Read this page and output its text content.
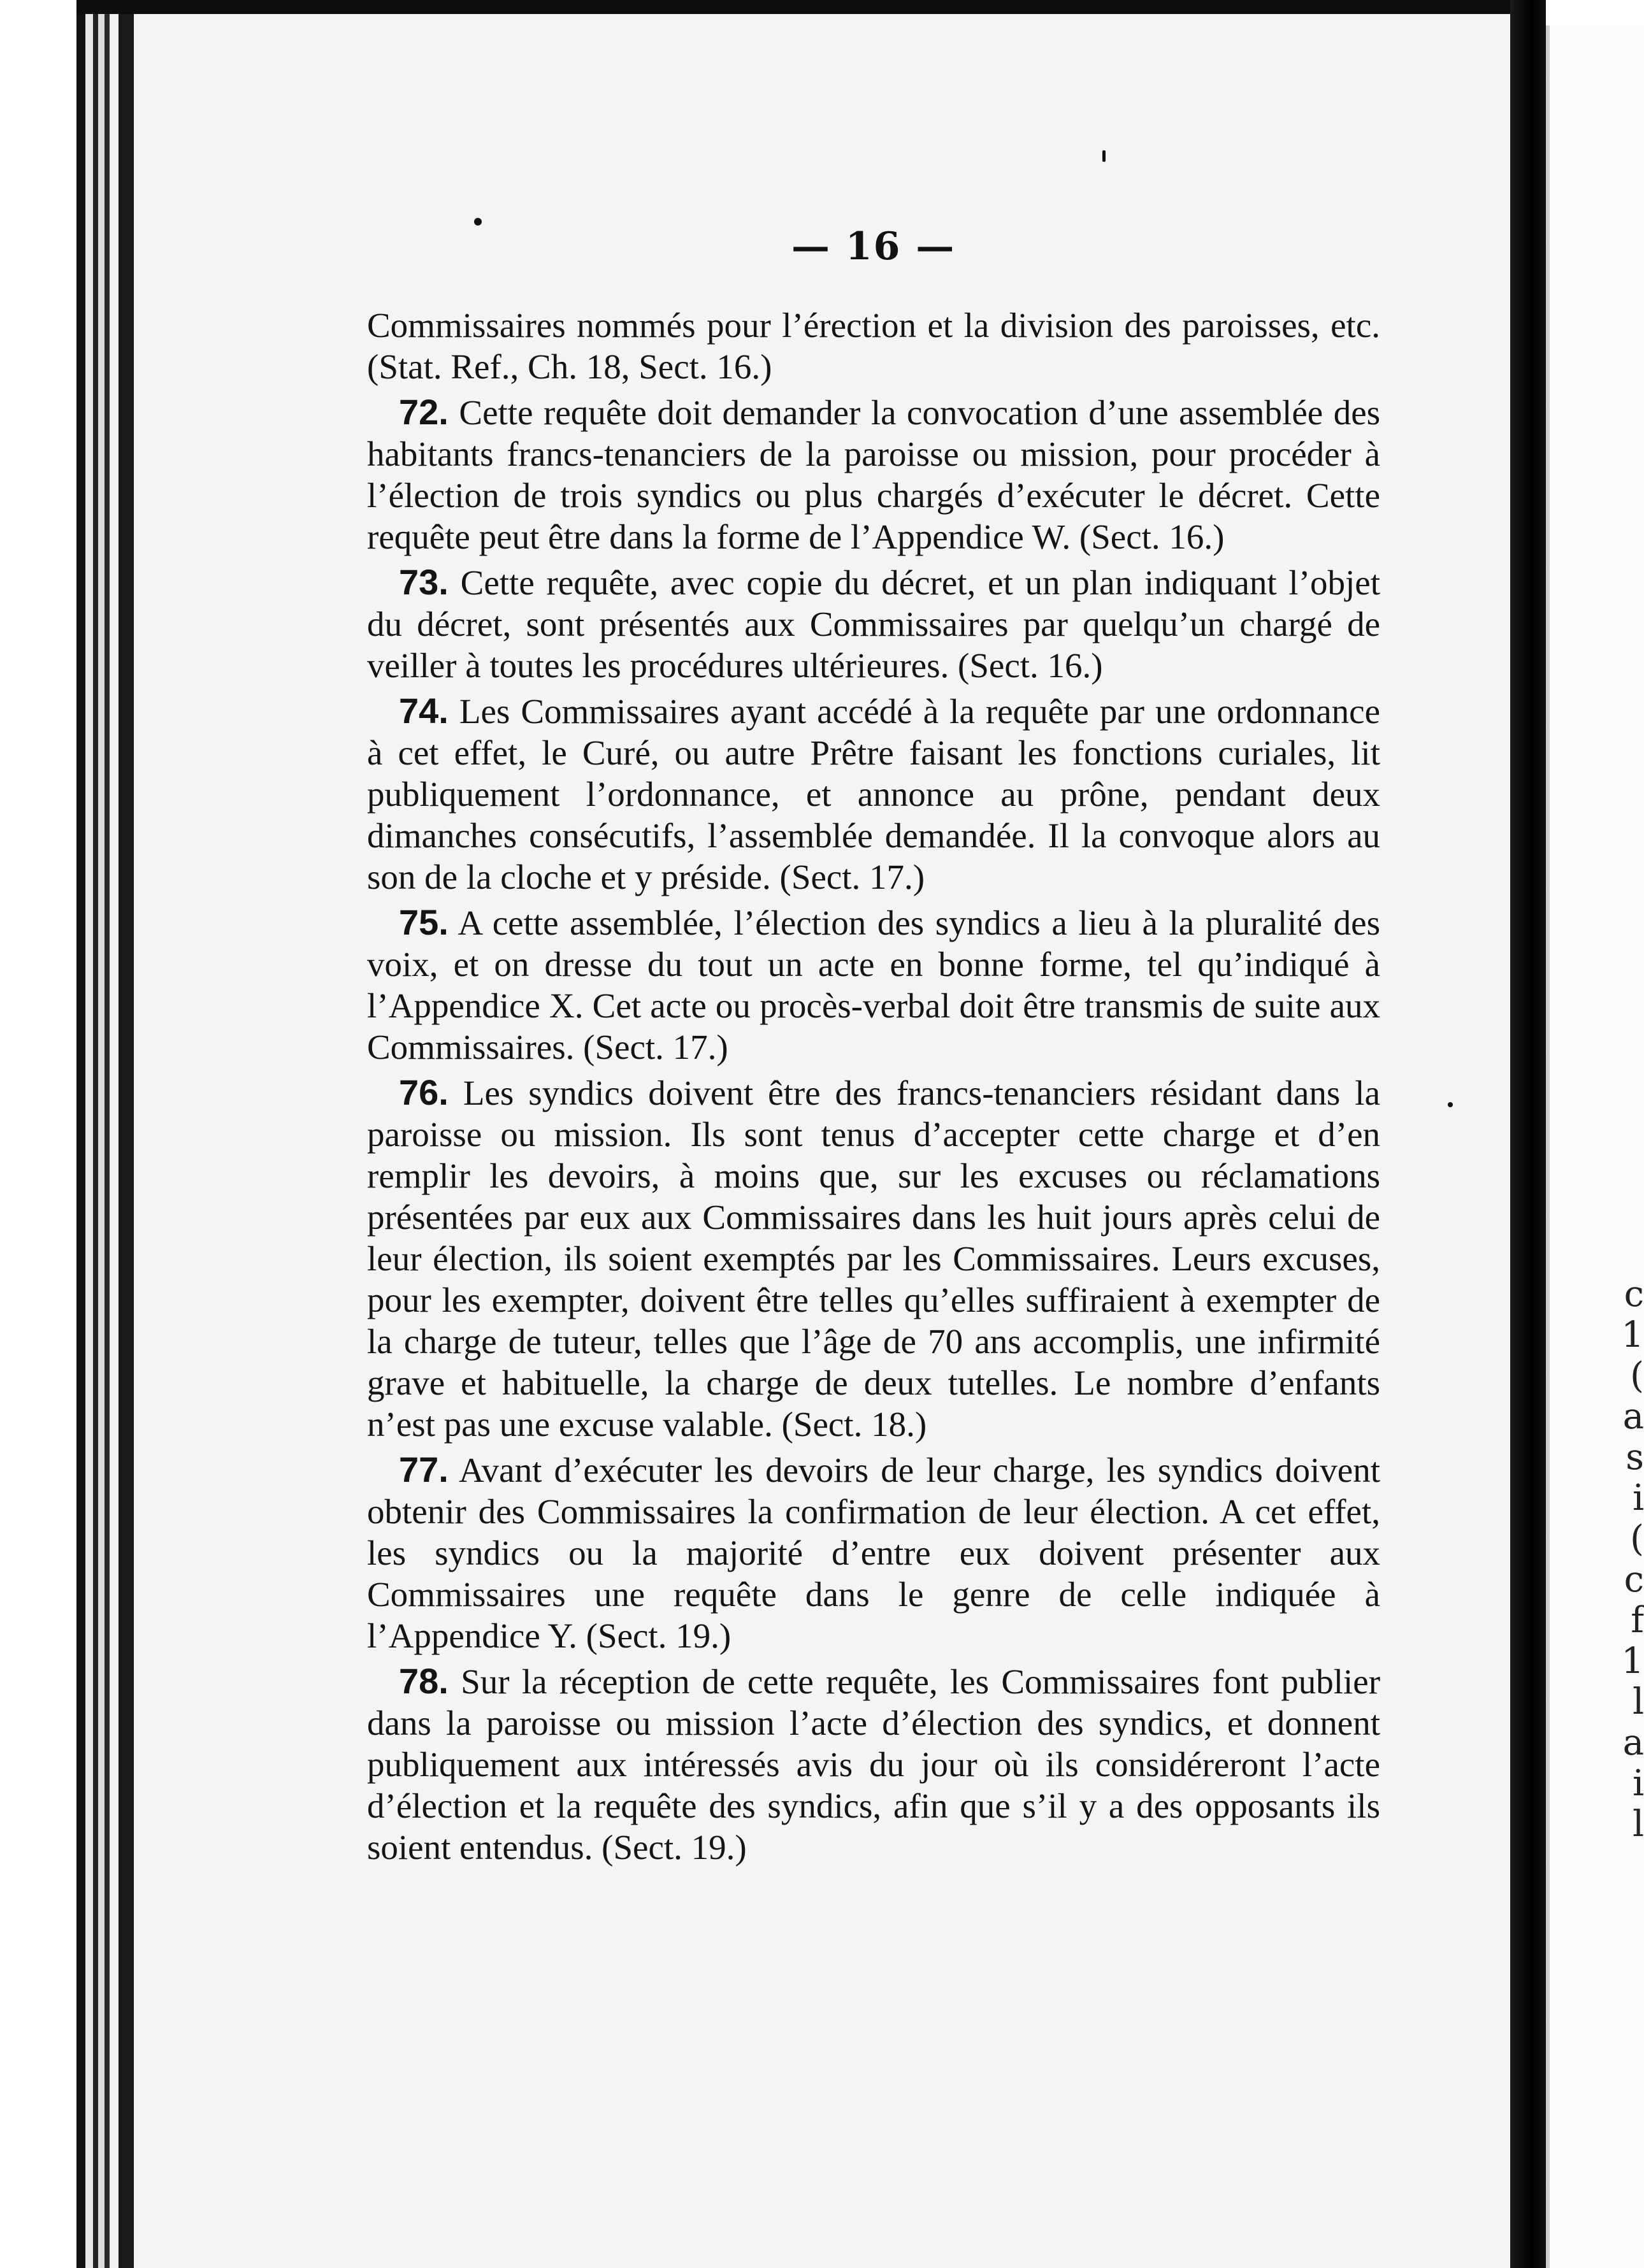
c
1
(
a
s
i
(
c
f
1
l
a
i
l
— 16 —

Commissaires nommés pour l’érection et la division des paroisses, etc. (Stat. Ref., Ch. 18, Sect. 16.)

72. Cette requête doit demander la convocation d’une assemblée des habitants francs-tenanciers de la paroisse ou mission, pour procéder à l’élection de trois syndics ou plus chargés d’exécuter le décret. Cette requête peut être dans la forme de l’Appendice W. (Sect. 16.)

73. Cette requête, avec copie du décret, et un plan indiquant l’objet du décret, sont présentés aux Commissaires par quelqu’un chargé de veiller à toutes les procédures ultérieures. (Sect. 16.)

74. Les Commissaires ayant accédé à la requête par une ordonnance à cet effet, le Curé, ou autre Prêtre faisant les fonctions curiales, lit publiquement l’ordonnance, et annonce au prône, pendant deux dimanches consécutifs, l’assemblée demandée. Il la convoque alors au son de la cloche et y préside. (Sect. 17.)

75. A cette assemblée, l’élection des syndics a lieu à la pluralité des voix, et on dresse du tout un acte en bonne forme, tel qu’indiqué à l’Appendice X. Cet acte ou procès-verbal doit être transmis de suite aux Commissaires. (Sect. 17.)

76. Les syndics doivent être des francs-tenanciers résidant dans la paroisse ou mission. Ils sont tenus d’accepter cette charge et d’en remplir les devoirs, à moins que, sur les excuses ou réclamations présentées par eux aux Commissaires dans les huit jours après celui de leur élection, ils soient exemptés par les Commissaires. Leurs excuses, pour les exempter, doivent être telles qu’elles suffiraient à exempter de la charge de tuteur, telles que l’âge de 70 ans accomplis, une infirmité grave et habituelle, la charge de deux tutelles. Le nombre d’enfants n’est pas une excuse valable. (Sect. 18.)

77. Avant d’exécuter les devoirs de leur charge, les syndics doivent obtenir des Commissaires la confirmation de leur élection. A cet effet, les syndics ou la majorité d’entre eux doivent présenter aux Commissaires une requête dans le genre de celle indiquée à l’Appendice Y. (Sect. 19.)

78. Sur la réception de cette requête, les Commissaires font publier dans la paroisse ou mission l’acte d’élection des syndics, et donnent publiquement aux intéressés avis du jour où ils considéreront l’acte d’élection et la requête des syndics, afin que s’il y a des opposants ils soient entendus. (Sect. 19.)
